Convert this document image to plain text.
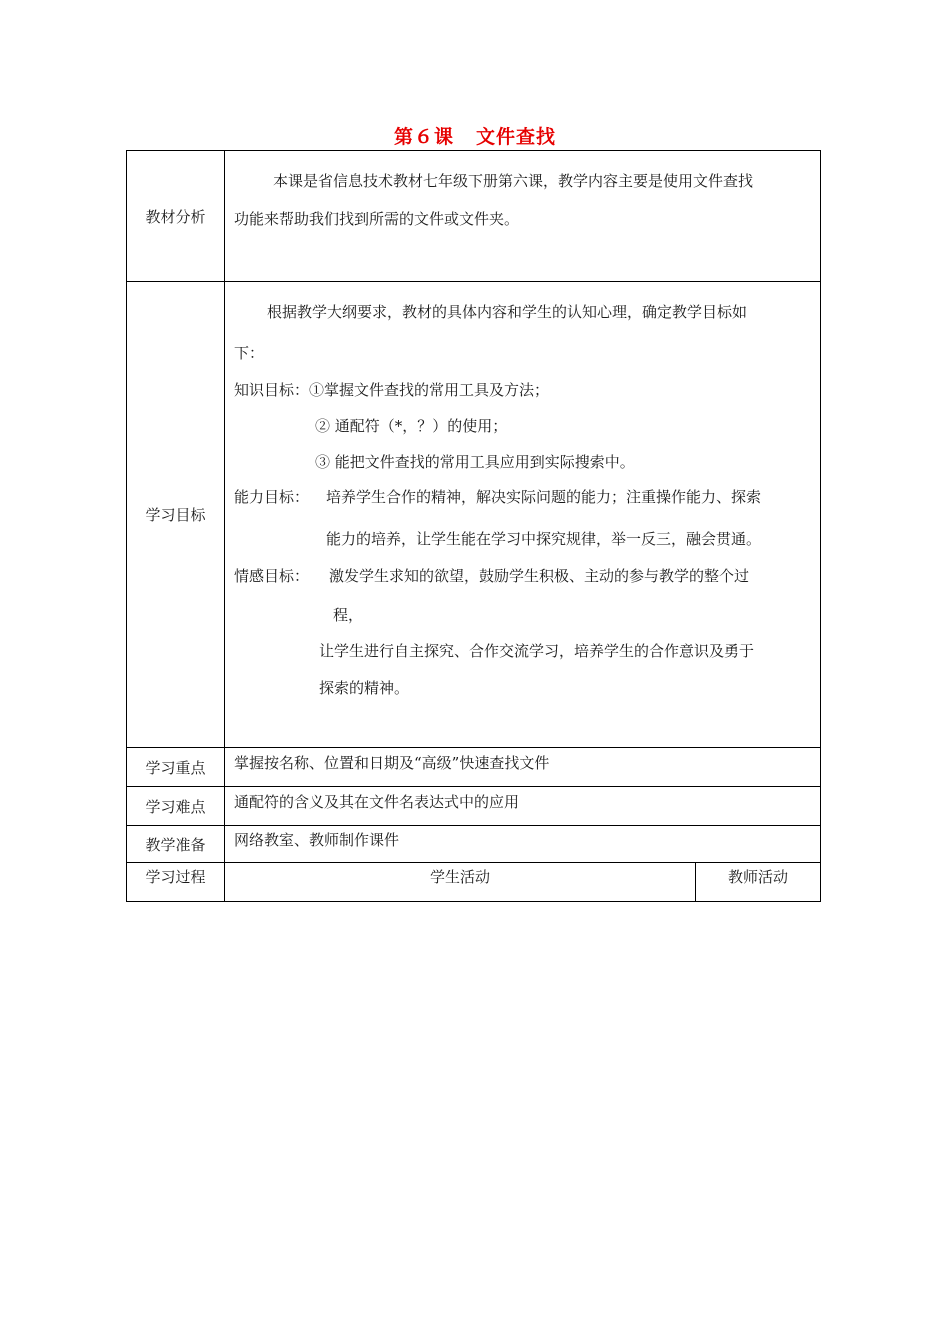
第６课 文件查找
教材分析
本课是省信息技术教材七年级下册第六课，教学内容主要是使用文件查找
功能来帮助我们找到所需的文件或文件夹。
学习目标
根据教学大纲要求，教材的具体内容和学生的认知心理，确定教学目标如
下：
知识目标： ①掌握文件查找的常用工具及方法；
② 通配符（*，？）的使用；
③ 能把文件查找的常用工具应用到实际搜索中。
能力目标： 培养学生合作的精神，解决实际问题的能力；注重操作能力、探索
能力的培养，让学生能在学习中探究规律，举一反三，融会贯通。
情感目标： 激发学生求知的欲望，鼓励学生积极、主动的参与教学的整个过
程，
让学生进行自主探究、合作交流学习，培养学生的合作意识及勇于
探索的精神。
学习重点 掌握按名称、位置和日期及“高级”快速查找文件
学习难点 通配符的含义及其在文件名表达式中的应用
教学准备 网络教室、教师制作课件
学习过程	学生活动	教师活动
